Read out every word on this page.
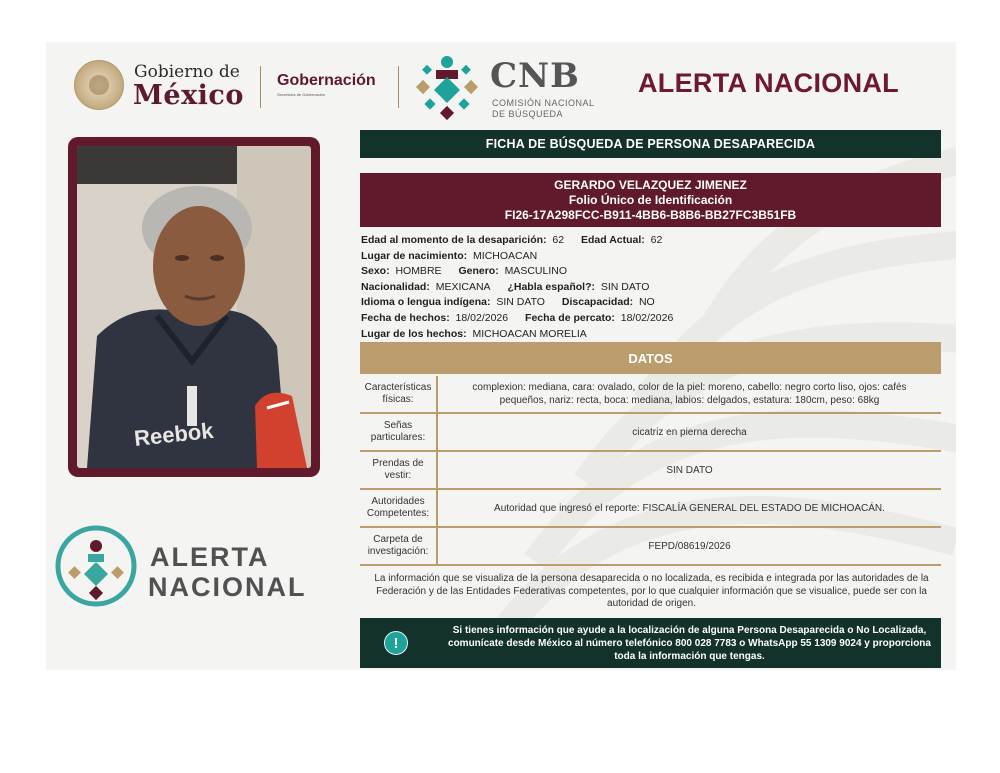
Gobierno de
México Gobernación
Secretaría de Gobernación	CNB
COMISIÓN NACIONAL
DE BÚSQUEDA
ALERTA NACIONAL
Reebok
ALERTA
NACIONAL
FICHA DE BÚSQUEDA DE PERSONA DESAPARECIDA
GERARDO VELAZQUEZ JIMENEZ
Folio Único de Identificación
FI26-17A298FCC-B911-4BB6-B8B6-BB27FC3B51FB
Edad al momento de la desaparición: 62 Edad Actual: 62
Lugar de nacimiento: MICHOACAN
Sexo: HOMBRE Genero: MASCULINO
Nacionalidad: MEXICANA ¿Habla español?: SIN DATO
Idioma o lengua indígena: SIN DATO Discapacidad: NO
Fecha de hechos: 18/02/2026 Fecha de percato: 18/02/2026
Lugar de los hechos: MICHOACAN MORELIA
DATOS
Características físicas:
complexion: mediana, cara: ovalado, color de la piel: moreno, cabello: negro corto liso, ojos: cafés pequeños, nariz: recta, boca: mediana, labios: delgados, estatura: 180cm, peso: 68kg
Señas particulares:	cicatriz en pierna derecha
Prendas de vestir:	SIN DATO
Autoridades Competentes:	Autoridad que ingresó el reporte: FISCALÍA GENERAL DEL ESTADO DE MICHOACÁN.
Carpeta de investigación:	FEPD/08619/2026
La información que se visualiza de la persona desaparecida o no localizada, es recibida e integrada por las autoridades de la Federación y de las Entidades Federativas competentes, por lo que cualquier información que se visualice, puede ser con la autoridad de origen.
!
Si tienes información que ayude a la localización de alguna Persona Desaparecida o No Localizada, comunícate desde México al número telefónico 800 028 7783 o WhatsApp 55 1309 9024 y proporciona toda la información que tengas.
